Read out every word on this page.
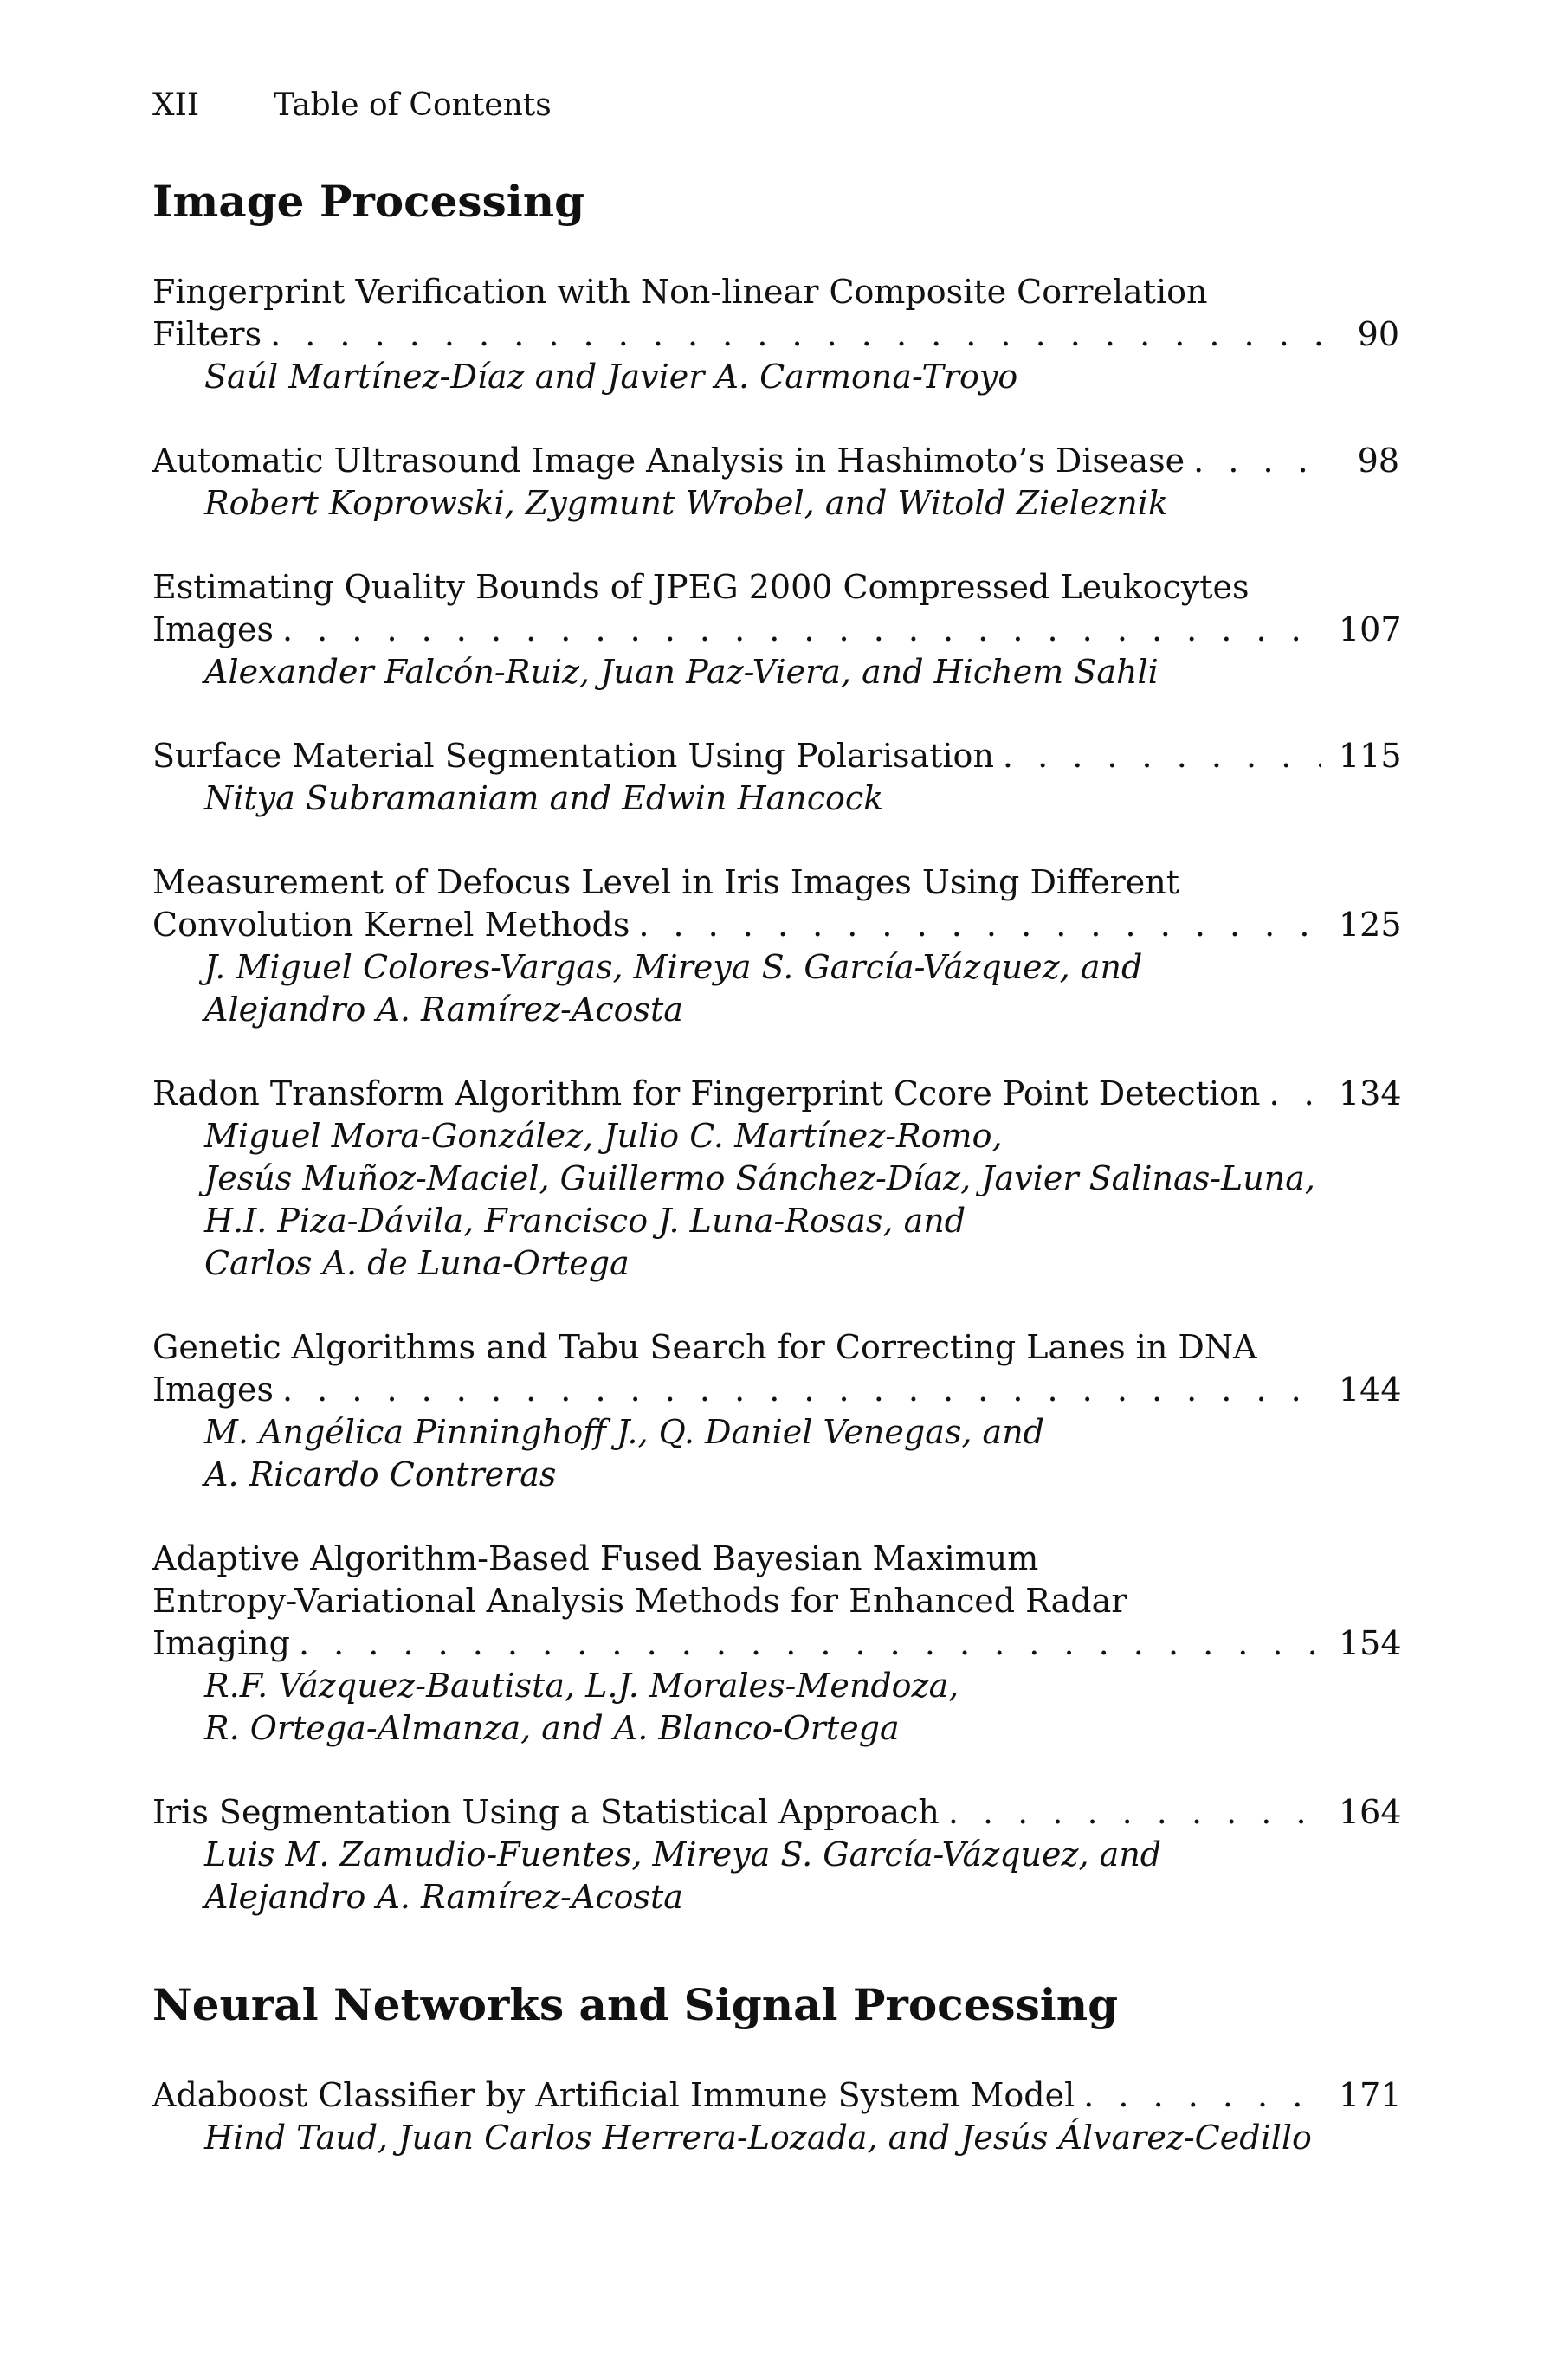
XII	Table of Contents
Image Processing
Fingerprint Verification with Non-linear Composite Correlation
Filters . . .	90
Saúl Martínez-Díaz and Javier A. Carmona-Troyo
Automatic Ultrasound Image Analysis in Hashimoto’s Disease . . .	98
Robert Koprowski, Zygmunt Wrobel, and Witold Zieleznik
Estimating Quality Bounds of JPEG 2000 Compressed Leukocytes
Images . . .	107
Alexander Falcón-Ruiz, Juan Paz-Viera, and Hichem Sahli
Surface Material Segmentation Using Polarisation . . .	115
Nitya Subramaniam and Edwin Hancock
Measurement of Defocus Level in Iris Images Using Different
Convolution Kernel Methods . . .	125
J. Miguel Colores-Vargas, Mireya S. García-Vázquez, and
Alejandro A. Ramírez-Acosta
Radon Transform Algorithm for Fingerprint Ccore Point Detection . . . 134
Miguel Mora-González, Julio C. Martínez-Romo,
Jesús Muñoz-Maciel, Guillermo Sánchez-Díaz, Javier Salinas-Luna,
H.I. Piza-Dávila, Francisco J. Luna-Rosas, and
Carlos A. de Luna-Ortega
Genetic Algorithms and Tabu Search for Correcting Lanes in DNA
Images . . .	144
M. Angélica Pinninghoff J., Q. Daniel Venegas, and
A. Ricardo Contreras
Adaptive Algorithm-Based Fused Bayesian Maximum
Entropy-Variational Analysis Methods for Enhanced Radar
Imaging . . .	154
R.F. Vázquez-Bautista, L.J. Morales-Mendoza,
R. Ortega-Almanza, and A. Blanco-Ortega
Iris Segmentation Using a Statistical Approach . . .	164
Luis M. Zamudio-Fuentes, Mireya S. García-Vázquez, and
Alejandro A. Ramírez-Acosta
Neural Networks and Signal Processing
Adaboost Classifier by Artificial Immune System Model . . .	171
Hind Taud, Juan Carlos Herrera-Lozada, and Jesús Álvarez-Cedillo
